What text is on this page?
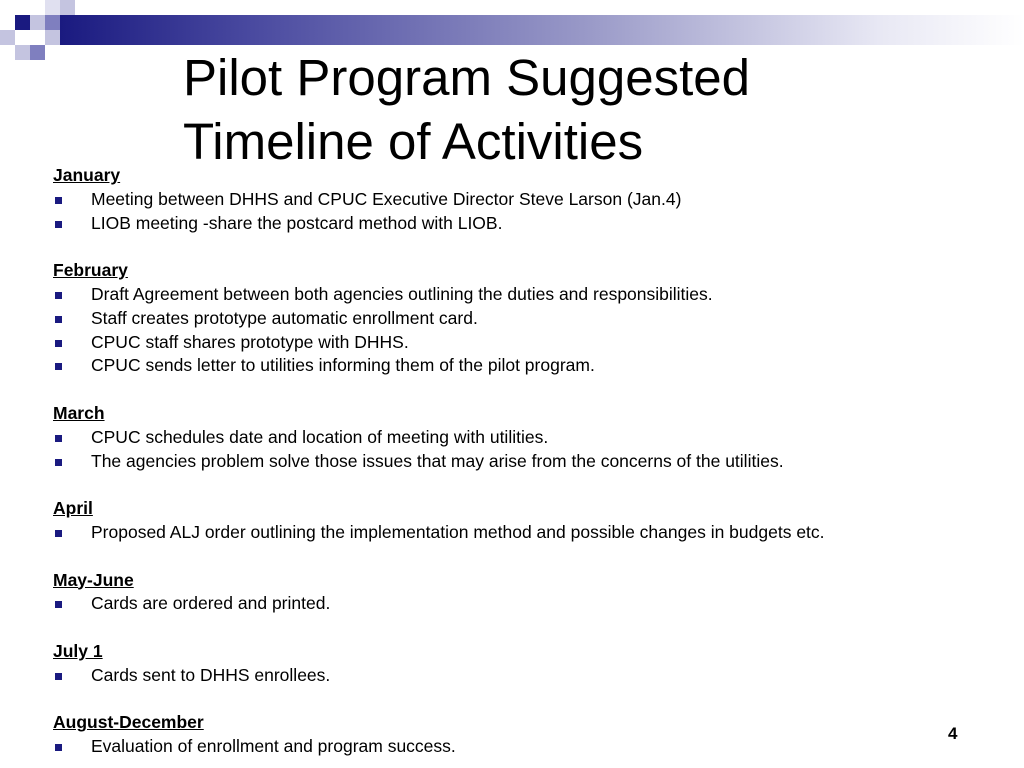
Pilot Program Suggested
Timeline of Activities
January
Meeting between DHHS and CPUC Executive Director Steve Larson (Jan.4)
LIOB meeting -share the postcard method with LIOB.
February
Draft Agreement between both agencies outlining the duties and responsibilities.
Staff creates prototype automatic enrollment card.
CPUC staff shares prototype with DHHS.
CPUC sends letter to utilities informing them of the pilot program.
March
CPUC schedules date and location of meeting with utilities.
The agencies problem solve those issues that may arise from the concerns of the utilities.
April
Proposed ALJ order outlining the implementation method and possible changes in budgets etc.
May-June
Cards are ordered and printed.
July 1
Cards sent to DHHS enrollees.
August-December
Evaluation of enrollment and program success.
4
